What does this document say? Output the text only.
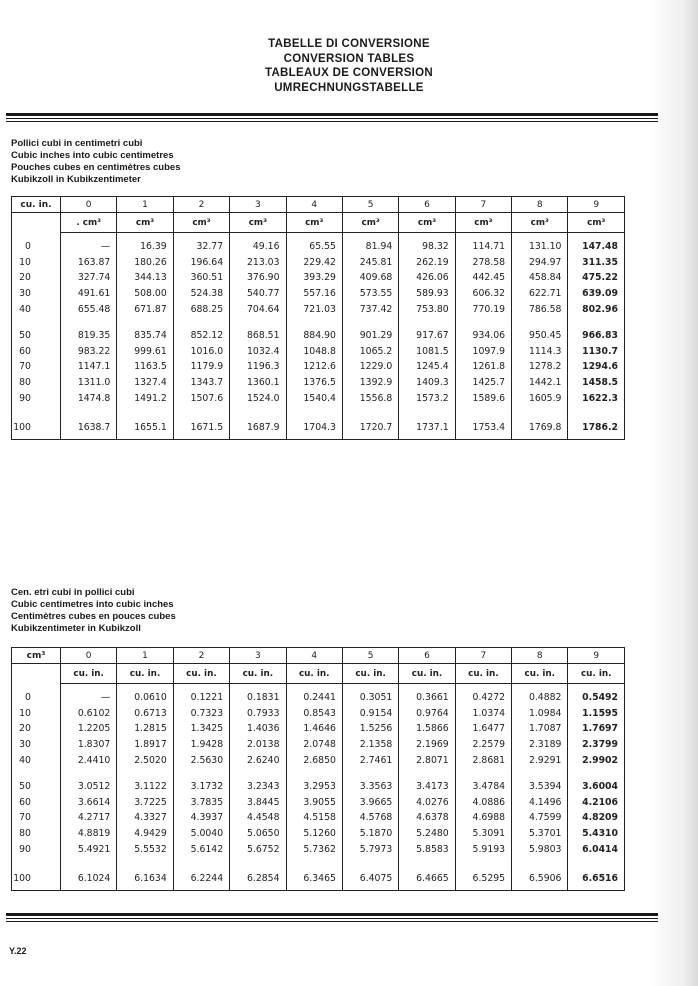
TABELLE DI CONVERSIONE
CONVERSION TABLES
TABLEAUX DE CONVERSION
UMRECHNUNGSTABELLE
Pollici cubi in centimetri cubi
Cubic inches into cubic centimetres
Pouches cubes en centimètres cubes
Kubikzoll in Kubikzentimeter
cu. in.	0	1	2	3	4	5	6	7	8	9
	. cm³	cm³	cm³	cm³	cm³	cm³	cm³	cm³	cm³	cm³
0	—	16.39	32.77	49.16	65.55	81.94	98.32	114.71	131.10	147.48
10	163.87	180.26	196.64	213.03	229.42	245.81	262.19	278.58	294.97	311.35
20	327.74	344.13	360.51	376.90	393.29	409.68	426.06	442.45	458.84	475.22
30	491.61	508.00	524.38	540.77	557.16	573.55	589.93	606.32	622.71	639.09
40	655.48	671.87	688.25	704.64	721.03	737.42	753.80	770.19	786.58	802.96

50	819.35	835.74	852.12	868.51	884.90	901.29	917.67	934.06	950.45	966.83
60	983.22	999.61	1016.0	1032.4	1048.8	1065.2	1081.5	1097.9	1114.3	1130.7
70	1147.1	1163.5	1179.9	1196.3	1212.6	1229.0	1245.4	1261.8	1278.2	1294.6
80	1311.0	1327.4	1343.7	1360.1	1376.5	1392.9	1409.3	1425.7	1442.1	1458.5
90	1474.8	1491.2	1507.6	1524.0	1540.4	1556.8	1573.2	1589.6	1605.9	1622.3

100	1638.7	1655.1	1671.5	1687.9	1704.3	1720.7	1737.1	1753.4	1769.8	1786.2
Cen. etri cubi in pollici cubi
Cubic centimetres into cubic inches
Centimètres cubes en pouces cubes
Kubikzentimeter in Kubikzoll
cm³	0	1	2	3	4	5	6	7	8	9
	cu. in.	cu. in.	cu. in.	cu. in.	cu. in.	cu. in.	cu. in.	cu. in.	cu. in.	cu. in.
0	—	0.0610	0.1221	0.1831	0.2441	0.3051	0.3661	0.4272	0.4882	0.5492
10	0.6102	0.6713	0.7323	0.7933	0.8543	0.9154	0.9764	1.0374	1.0984	1.1595
20	1.2205	1.2815	1.3425	1.4036	1.4646	1.5256	1.5866	1.6477	1.7087	1.7697
30	1.8307	1.8917	1.9428	2.0138	2.0748	2.1358	2.1969	2.2579	2.3189	2.3799
40	2.4410	2.5020	2.5630	2.6240	2.6850	2.7461	2.8071	2.8681	2.9291	2.9902

50	3.0512	3.1122	3.1732	3.2343	3.2953	3.3563	3.4173	3.4784	3.5394	3.6004
60	3.6614	3.7225	3.7835	3.8445	3.9055	3.9665	4.0276	4.0886	4.1496	4.2106
70	4.2717	4.3327	4.3937	4.4548	4.5158	4.5768	4.6378	4.6988	4.7599	4.8209
80	4.8819	4.9429	5.0040	5.0650	5.1260	5.1870	5.2480	5.3091	5.3701	5.4310
90	5.4921	5.5532	5.6142	5.6752	5.7362	5.7973	5.8583	5.9193	5.9803	6.0414

100	6.1024	6.1634	6.2244	6.2854	6.3465	6.4075	6.4665	6.5295	6.5906	6.6516
Y.22
